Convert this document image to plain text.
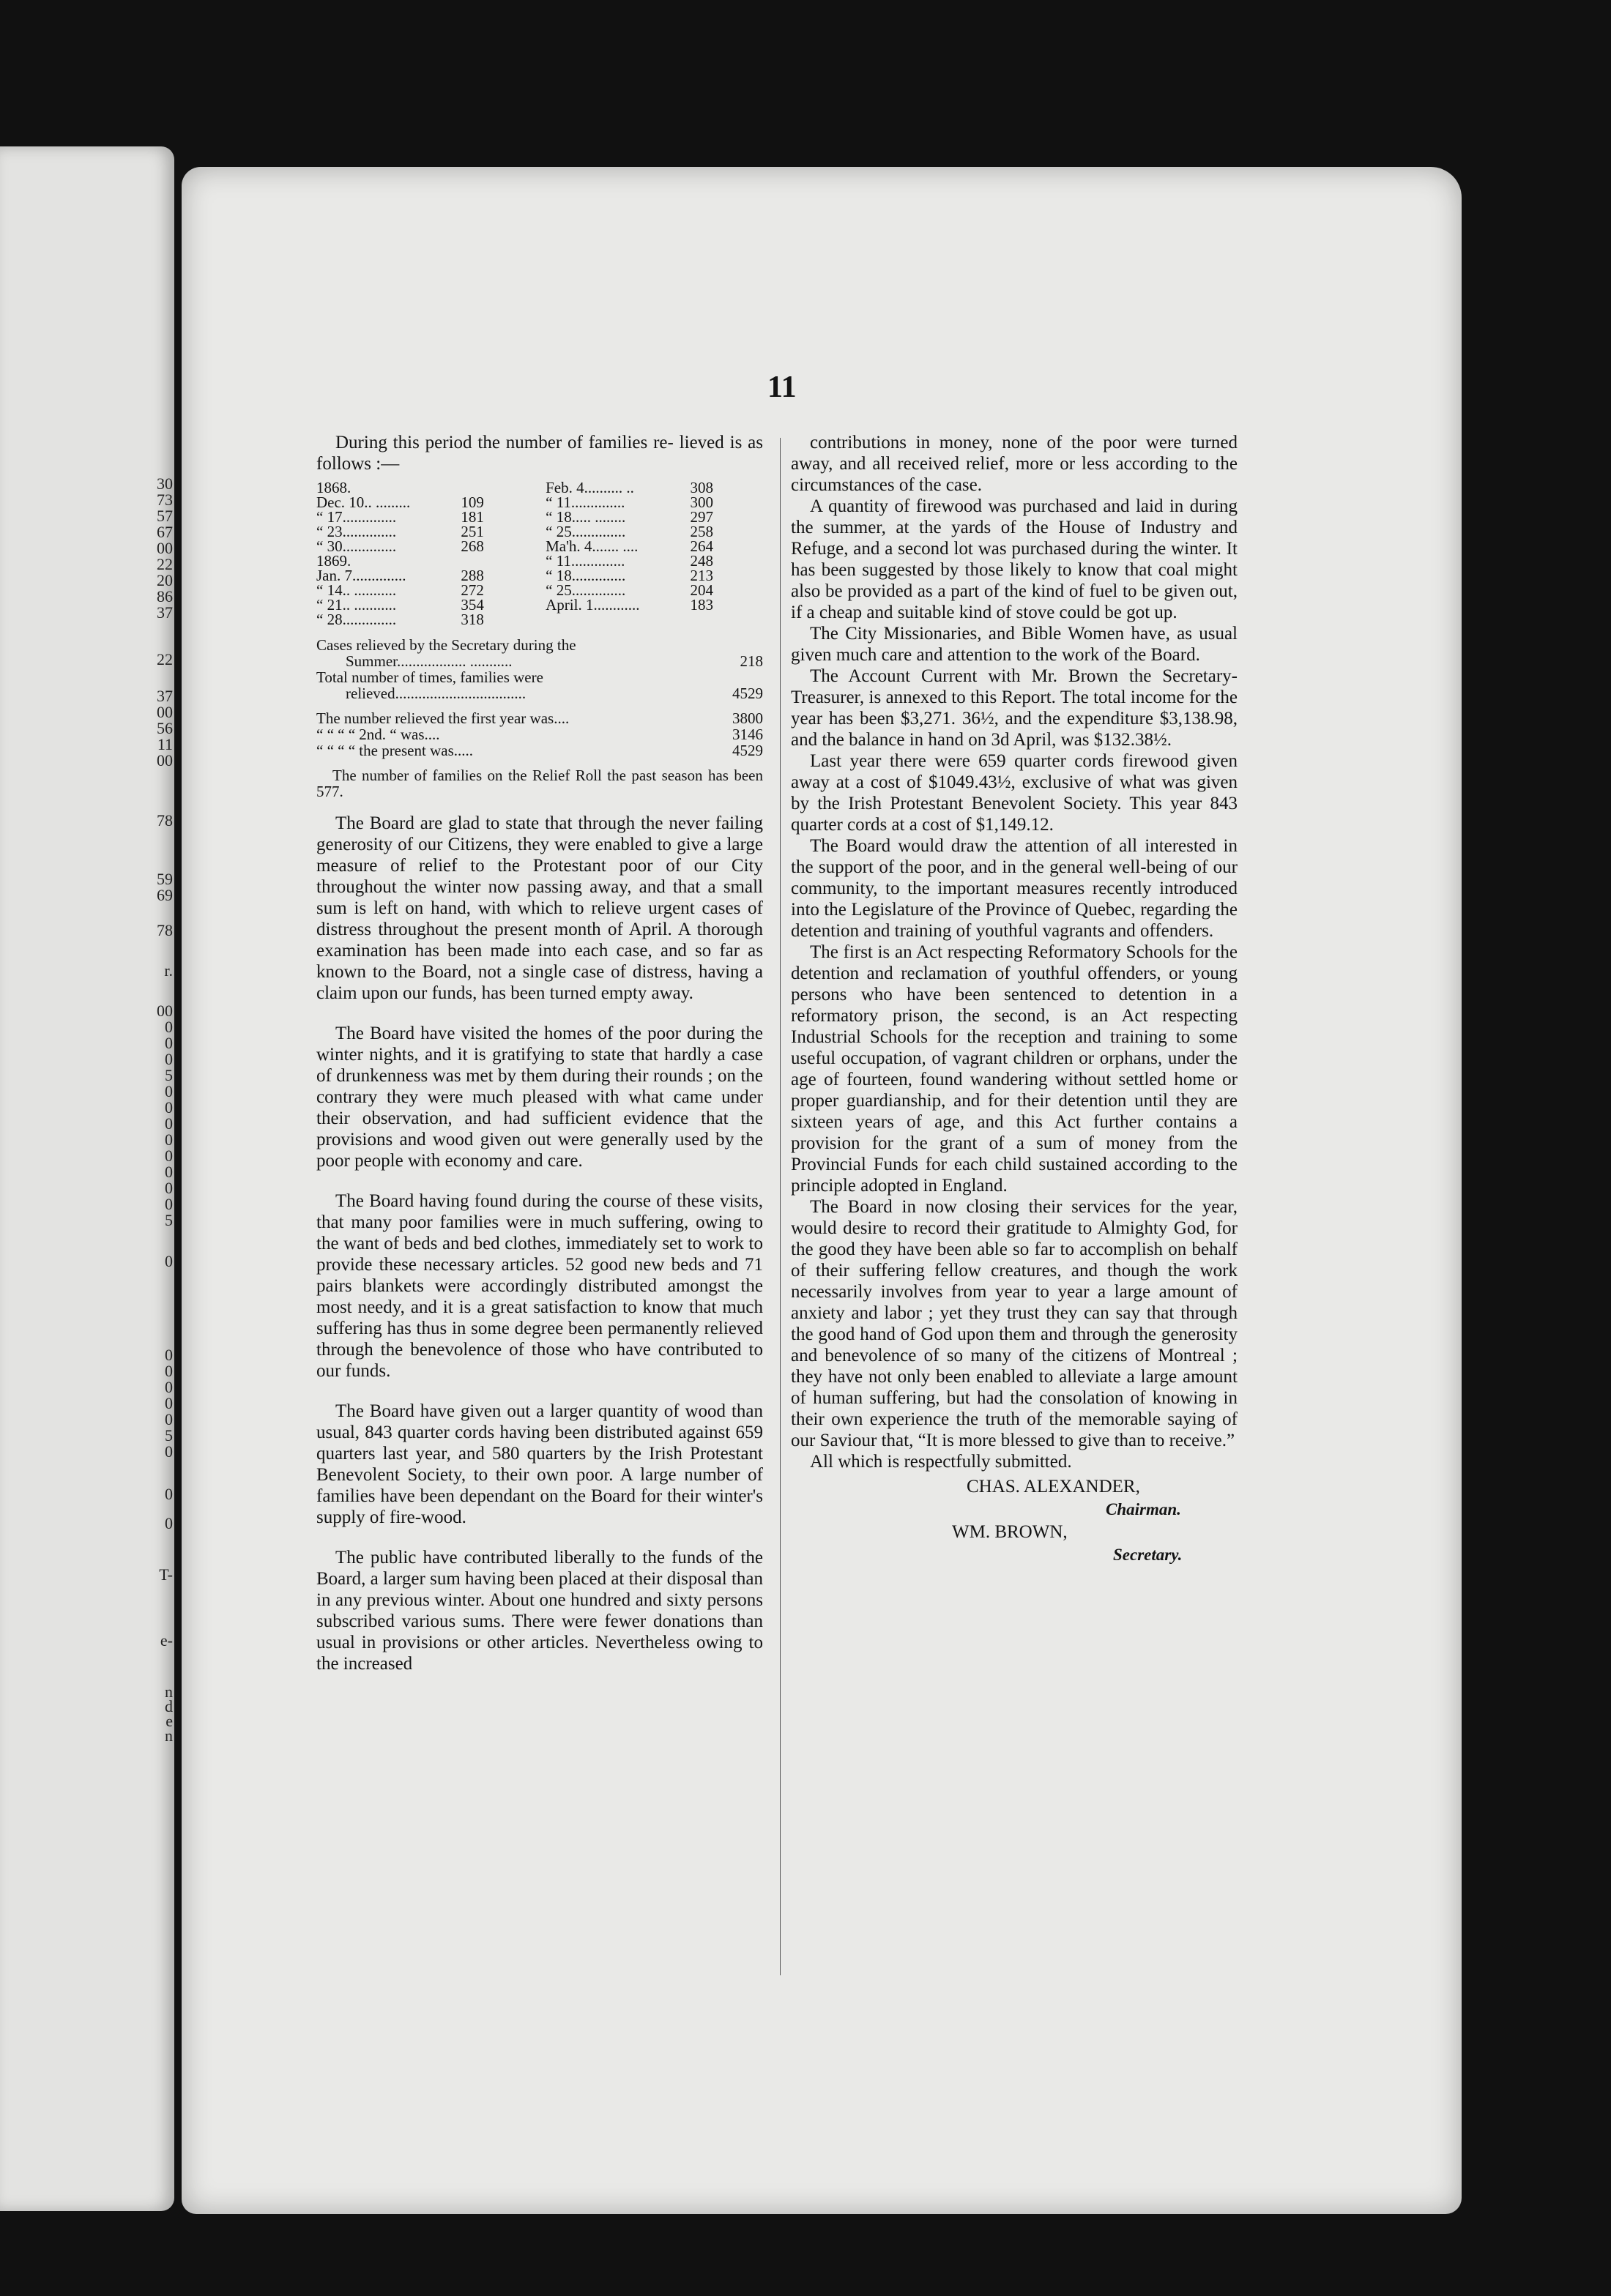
30
73
57
67
00
22
20
86
37
22
37
00
56
11
00
78
59
69
78
r.
00
0
0
0
5
0
0
0
0
0
0
0
0
5
0
0
0
0
0
0
5
0
0
0
T-
e-
n
d
e
n
11

During this period the number of families re- lieved is as follows :—

1868.		Feb. 4.......... ..	308
Dec. 10.. .........	109	“ 11..............	300
“ 17..............	181	“ 18..... ........	297
“ 23..............	251	“ 25..............	258
“ 30..............	268	Ma'h. 4....... ....	264
1869.		“ 11..............	248
Jan. 7..............	288	“ 18..............	213
“ 14.. ...........	272	“ 25..............	204
“ 21.. ...........	354	April. 1............	183
“ 28..............	318		
Cases relieved by the Secretary during the
Summer.................. ...........	218
Total number of times, families were
relieved..................................	4529
The number relieved the first year was....	3800
“ “ “ “ 2nd. “ was....	3146
“ “ “ “ the present was.....	4529
The number of families on the Relief Roll the past season has been 577.

The Board are glad to state that through the never failing generosity of our Citizens, they were enabled to give a large measure of relief to the Protestant poor of our City throughout the winter now passing away, and that a small sum is left on hand, with which to relieve urgent cases of distress throughout the present month of April. A thorough examination has been made into each case, and so far as known to the Board, not a single case of distress, having a claim upon our funds, has been turned empty away.

The Board have visited the homes of the poor during the winter nights, and it is gratifying to state that hardly a case of drunkenness was met by them during their rounds ; on the contrary they were much pleased with what came under their observation, and had sufficient evidence that the provisions and wood given out were generally used by the poor people with economy and care.

The Board having found during the course of these visits, that many poor families were in much suffering, owing to the want of beds and bed clothes, immediately set to work to provide these necessary articles. 52 good new beds and 71 pairs blankets were accordingly distributed amongst the most needy, and it is a great satisfaction to know that much suffering has thus in some degree been permanently relieved through the benevolence of those who have contributed to our funds.

The Board have given out a larger quantity of wood than usual, 843 quarter cords having been distributed against 659 quarters last year, and 580 quarters by the Irish Protestant Benevolent Society, to their own poor. A large number of families have been dependant on the Board for their winter's supply of fire-wood.

The public have contributed liberally to the funds of the Board, a larger sum having been placed at their disposal than in any previous winter. About one hundred and sixty persons subscribed various sums. There were fewer donations than usual in provisions or other articles. Nevertheless owing to the increased

contributions in money, none of the poor were turned away, and all received relief, more or less according to the circumstances of the case.

A quantity of firewood was purchased and laid in during the summer, at the yards of the House of Industry and Refuge, and a second lot was purchased during the winter. It has been suggested by those likely to know that coal might also be provided as a part of the kind of fuel to be given out, if a cheap and suitable kind of stove could be got up.

The City Missionaries, and Bible Women have, as usual given much care and attention to the work of the Board.

The Account Current with Mr. Brown the Secretary-Treasurer, is annexed to this Report. The total income for the year has been $3,271. 36½, and the expenditure $3,138.98, and the balance in hand on 3d April, was $132.38½.

Last year there were 659 quarter cords firewood given away at a cost of $1049.43½, exclusive of what was given by the Irish Protestant Benevolent Society. This year 843 quarter cords at a cost of $1,149.12.

The Board would draw the attention of all interested in the support of the poor, and in the general well-being of our community, to the important measures recently introduced into the Legislature of the Province of Quebec, regarding the detention and training of youthful vagrants and offenders.

The first is an Act respecting Reformatory Schools for the detention and reclamation of youthful offenders, or young persons who have been sentenced to detention in a reformatory prison, the second, is an Act respecting Industrial Schools for the reception and training to some useful occupation, of vagrant children or orphans, under the age of fourteen, found wandering without settled home or proper guardianship, and for their detention until they are sixteen years of age, and this Act further contains a provision for the grant of a sum of money from the Provincial Funds for each child sustained according to the principle adopted in England.

The Board in now closing their services for the year, would desire to record their gratitude to Almighty God, for the good they have been able so far to accomplish on behalf of their suffering fellow creatures, and though the work necessarily involves from year to year a large amount of anxiety and labor ; yet they trust they can say that through the good hand of God upon them and through the generosity and benevolence of so many of the citizens of Montreal ; they have not only been enabled to alleviate a large amount of human suffering, but had the consolation of knowing in their own experience the truth of the memorable saying of our Saviour that, “It is more blessed to give than to receive.”

All which is respectfully submitted.

CHAS. ALEXANDER,
Chairman.
WM. BROWN,
Secretary.
